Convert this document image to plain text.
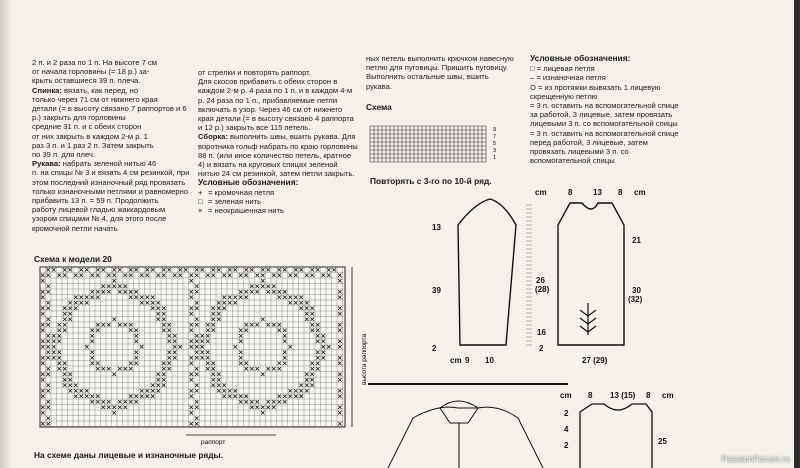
2 п. и 2 раза по 1 п. На высоте 7 см

от начала горловины (= 18 р.) за-

крыть оставшиеся 39 п. плеча.

Спинка: вязать, как перед, но

только через 71 см от нижнего края

детали (= в высоту связано 7 раппортов и 6 р.) закрыть для горловины

средние 31 п. и с обеих сторон

от них закрыть в каждом 2-м р. 1

раз 3 п. и 1 раз 2 п. Затем закрыть

по 39 п. для плеч.

Рукава: набрать зеленой нитью 46

п. на спицы № 3 и вязать 4 см резинкой, при этом последний изнаночный ряд провязать только изнаночными петлями и равномерно

прибавить 13 п. = 59 п. Продолжить

работу лицевой гладью жаккардовым узором спицами № 4, для этого после кромочной петли начать

от стрелки и повторять раппорт.

Для скосов прибавить с обеих сторон в каждом 2-м р. 4 раза по 1 п. и в каждом 4-м р. 24 раза по 1 п., прибавляемые петли включать в узор. Через 46 см от нижнего края детали (= в высоту связано 4 раппорта и 12 р.) закрыть все 115 петель.

Сборка: выполнить швы, вшить рукава. Для воротника гольф набрать по краю горловины 88 п. (или иное количество петель, кратное 4) и вязать на круговых спицах зеленой нитью 24 см резинкой, затем петли закрыть.

Условные обозначения:

+ = кромочная петля

□ = зеленая нить

× = неокрашенная нить

ных петель выполнить крючком навесную петлю для пуговицы. Пришить пуговицу. Выполнить остальные швы, вшить рукава.

Схема

9
7
5
3
1
Повторять с 3-го по 10-й ряд.

Условные обозначения:

□ = лицевая петля

– = изнаночная петля

О = из протяжки вывязать 1 лицевую скрещенную петлю

= 3 п. оставить на вспомогательной спице за работой, 3 лицевые, затем провязать лицевыми 3 п. со вспомогательной спицы

= 3 п. оставить на вспомогательной спице перед работой, 3 лицевые, затем провязать лицевыми 3 п. со вспомогательной спицы

Схема к модели 20
высота раппорта
раппорт
На схеме даны лицевые и изнаночные ряды.
cm	8	13 8 cm
13
39
2
cm 9 10
26
(28)
16
2
21
30
(32)
27 (29)
cm 8 13 (15) 8 cm
2
4
2	25
PassionForum.ru
